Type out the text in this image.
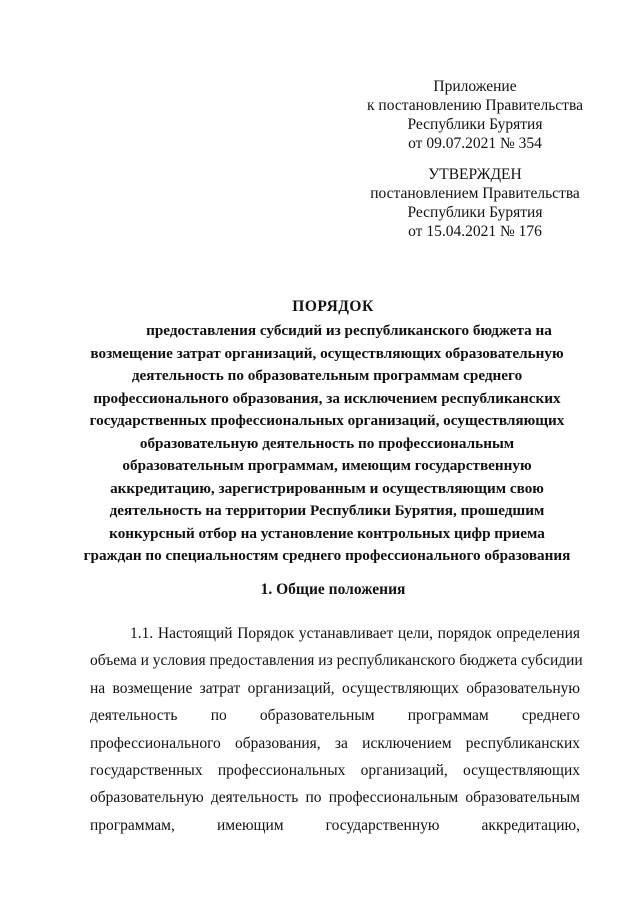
Приложение
к постановлению Правительства
Республики Бурятия
от 09.07.2021 № 354
УТВЕРЖДЕН
постановлением Правительства
Республики Бурятия
от 15.04.2021 № 176
ПОРЯДОК
предоставления субсидий из республиканского бюджета на
возмещение затрат организаций, осуществляющих образовательную
деятельность по образовательным программам среднего
профессионального образования, за исключением республиканских
государственных профессиональных организаций, осуществляющих
образовательную деятельность по профессиональным
образовательным программам, имеющим государственную
аккредитацию, зарегистрированным и осуществляющим свою
деятельность на территории Республики Бурятия, прошедшим
конкурсный отбор на установление контрольных цифр приема
граждан по специальностям среднего профессионального образования
1. Общие положения
1.1. Настоящий Порядок устанавливает цели, порядок определения
объема и условия предоставления из республиканского бюджета субсидии
на возмещение затрат организаций, осуществляющих образовательную
деятельность по образовательным программам среднего
профессионального образования, за исключением республиканских
государственных профессиональных организаций, осуществляющих
образовательную деятельность по профессиональным образовательным
программам, имеющим государственную аккредитацию,
